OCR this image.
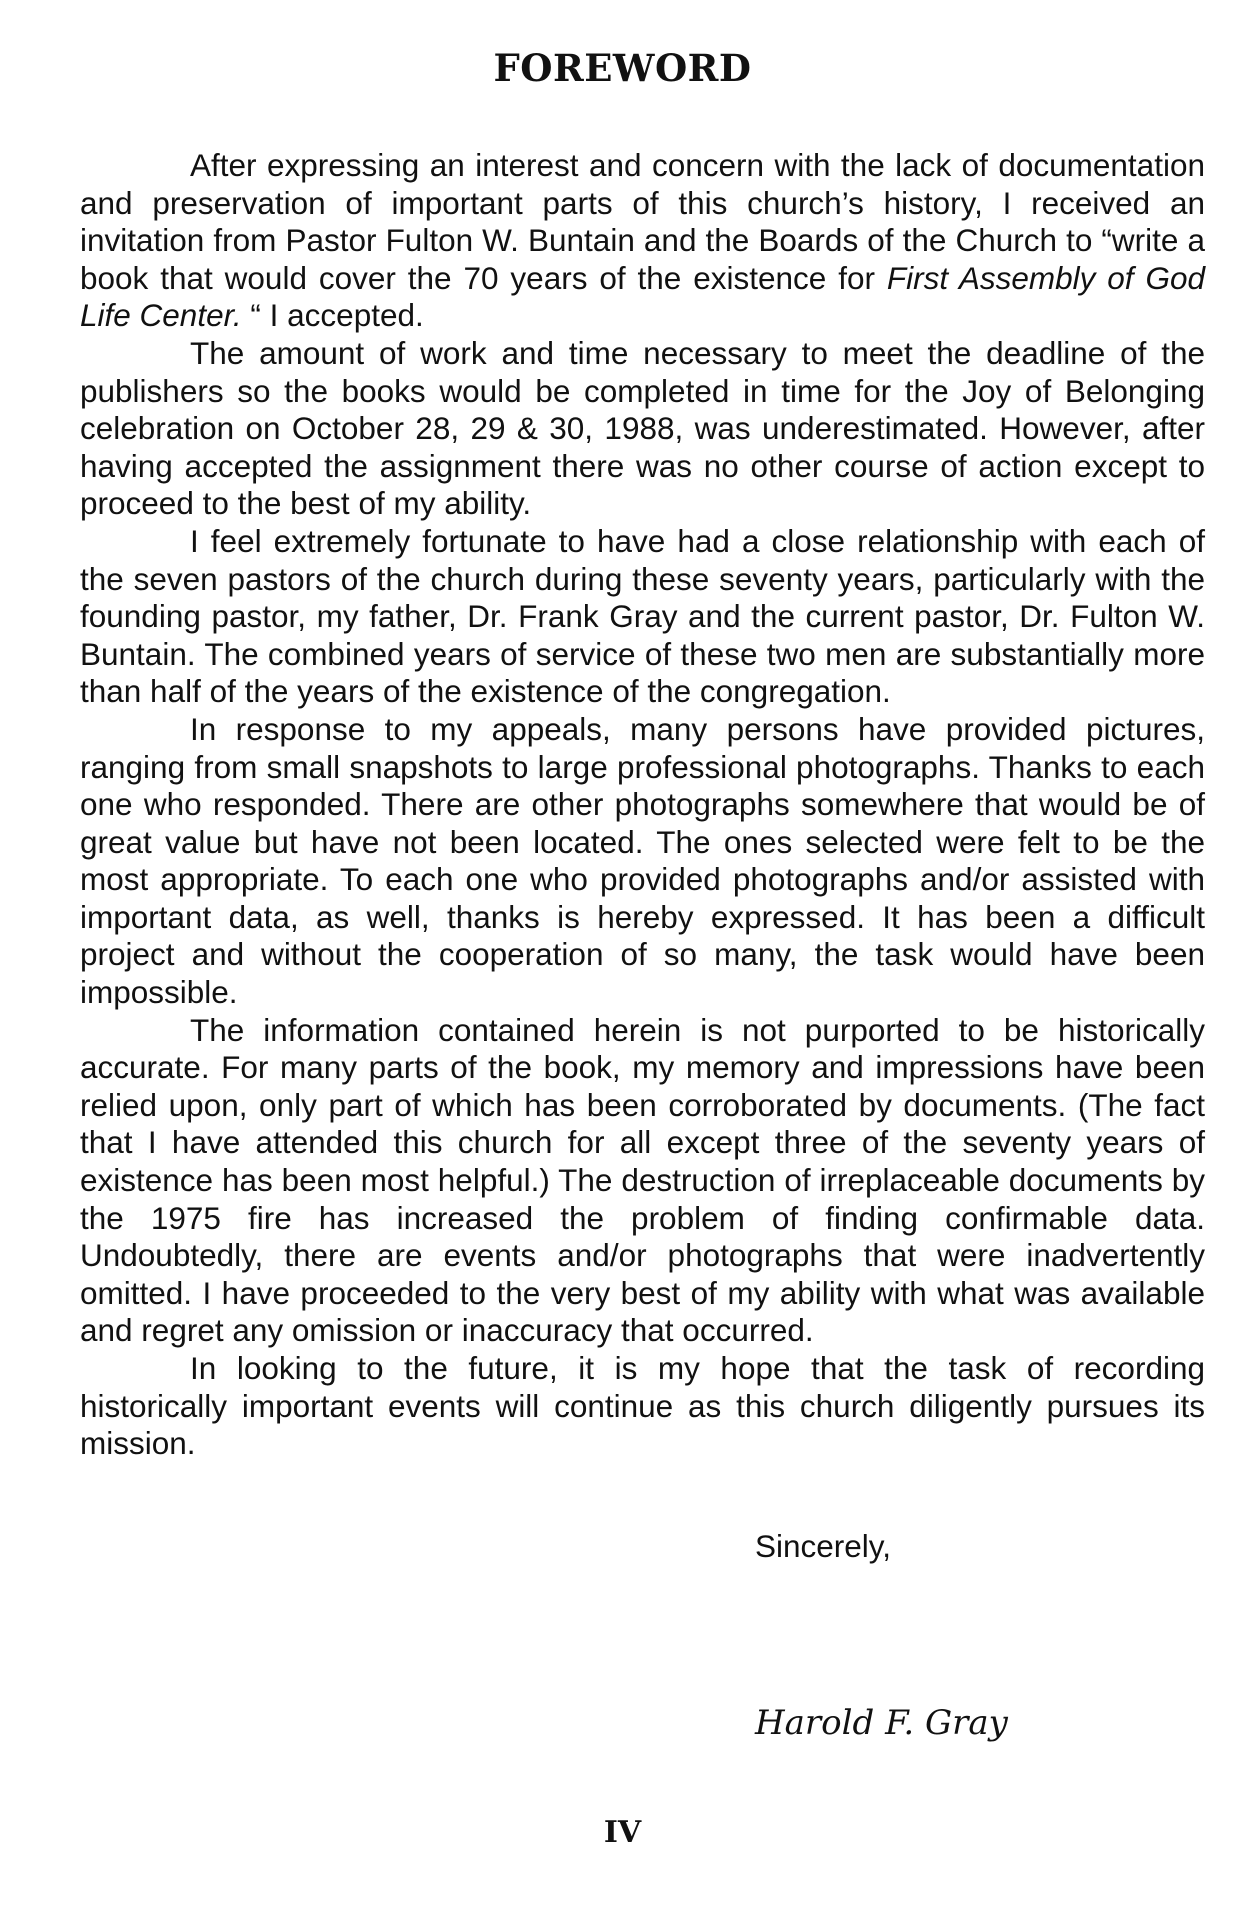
FOREWORD

After expressing an interest and concern with the lack of documentation and preservation of important parts of this church’s history, I received an invitation from Pastor Fulton W. Buntain and the Boards of the Church to “write a book that would cover the 70 years of the existence for First Assembly of God Life Center. “ I accepted.

The amount of work and time necessary to meet the deadline of the publishers so the books would be completed in time for the Joy of Belonging celebration on October 28, 29 & 30, 1988, was underestimated. However, after having accepted the assignment there was no other course of action except to proceed to the best of my ability.

I feel extremely fortunate to have had a close relationship with each of the seven pastors of the church during these seventy years, particularly with the founding pastor, my father, Dr. Frank Gray and the current pastor, Dr. Fulton W. Buntain. The combined years of service of these two men are substantially more than half of the years of the existence of the congregation.

In response to my appeals, many persons have provided pictures, ranging from small snapshots to large professional photographs. Thanks to each one who responded. There are other photographs somewhere that would be of great value but have not been located. The ones selected were felt to be the most appropriate. To each one who provided photographs and/or assisted with important data, as well, thanks is hereby expressed. It has been a difficult project and without the cooperation of so many, the task would have been impossible.

The information contained herein is not purported to be historically accurate. For many parts of the book, my memory and impressions have been relied upon, only part of which has been corroborated by documents. (The fact that I have attended this church for all except three of the seventy years of existence has been most helpful.) The destruction of irreplaceable documents by the 1975 fire has increased the problem of finding confirmable data. Undoubtedly, there are events and/or photographs that were inadvertently omitted. I have proceeded to the very best of my ability with what was available and regret any omission or inaccuracy that occurred.

In looking to the future, it is my hope that the task of recording historically important events will continue as this church diligently pursues its mission.

Sincerely,

Harold F. Gray

IV
